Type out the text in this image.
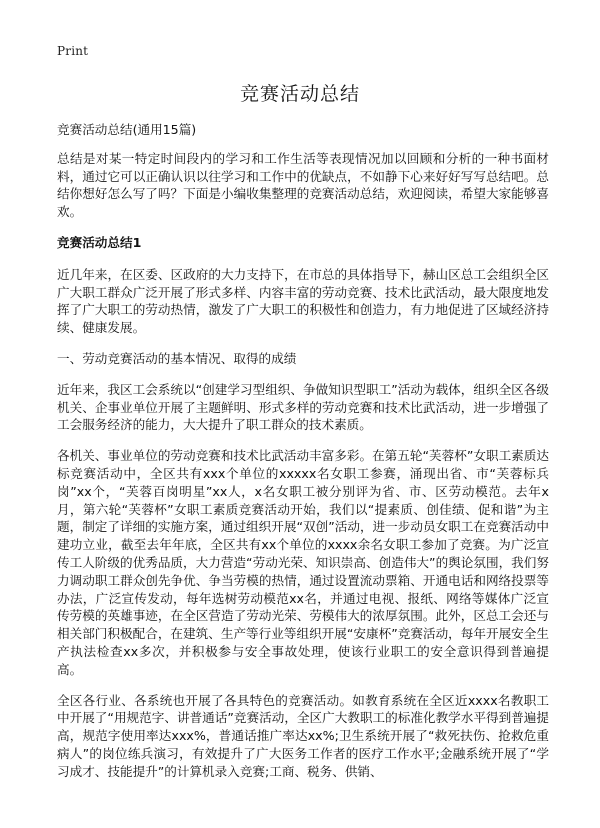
Print
竞赛活动总结

竞赛活动总结(通用15篇)

总结是对某一特定时间段内的学习和工作生活等表现情况加以回顾和分析的一种书面材料，通过它可以正确认识以往学习和工作中的优缺点，不如静下心来好好写写总结吧。总结你想好怎么写了吗？下面是小编收集整理的竞赛活动总结，欢迎阅读，希望大家能够喜欢。

竞赛活动总结1

近几年来，在区委、区政府的大力支持下，在市总的具体指导下，赫山区总工会组织全区广大职工群众广泛开展了形式多样、内容丰富的劳动竞赛、技术比武活动，最大限度地发挥了广大职工的劳动热情，激发了广大职工的积极性和创造力，有力地促进了区域经济持续、健康发展。

一、劳动竞赛活动的基本情况、取得的成绩

近年来，我区工会系统以“创建学习型组织、争做知识型职工”活动为载体，组织全区各级机关、企事业单位开展了主题鲜明、形式多样的劳动竞赛和技术比武活动，进一步增强了工会服务经济的能力，大大提升了职工群众的技术素质。

各机关、事业单位的劳动竞赛和技术比武活动丰富多彩。在第五轮“芙蓉杯”女职工素质达标竞赛活动中，全区共有xxx个单位的xxxxx名女职工参赛，涌现出省、市“芙蓉标兵岗”xx个，“芙蓉百岗明星”xx人，x名女职工被分别评为省、市、区劳动模范。去年x月，第六轮“芙蓉杯”女职工素质竞赛活动开始，我们以“提素质、创佳绩、促和谐”为主题，制定了详细的实施方案，通过组织开展“双创”活动，进一步动员女职工在竞赛活动中建功立业，截至去年年底，全区共有xx个单位的xxxx余名女职工参加了竞赛。为广泛宣传工人阶级的优秀品质，大力营造“劳动光荣、知识崇高、创造伟大”的舆论氛围，我们努力调动职工群众创先争优、争当劳模的热情，通过设置流动票箱、开通电话和网络投票等办法，广泛宣传发动，每年选树劳动模范xx名，并通过电视、报纸、网络等媒体广泛宣传劳模的英雄事迹，在全区营造了劳动光荣、劳模伟大的浓厚氛围。此外，区总工会还与相关部门积极配合，在建筑、生产等行业等组织开展“安康杯”竞赛活动，每年开展安全生产执法检查xx多次，并积极参与安全事故处理，使该行业职工的安全意识得到普遍提高。

全区各行业、各系统也开展了各具特色的竞赛活动。如教育系统在全区近xxxx名教职工中开展了“用规范字、讲普通话”竞赛活动，全区广大教职工的标准化教学水平得到普遍提高，规范字使用率达xxx%，普通话推广率达xx%;卫生系统开展了“救死扶伤、抢救危重病人”的岗位练兵演习，有效提升了广大医务工作者的医疗工作水平;金融系统开展了“学习成才、技能提升”的计算机录入竞赛;工商、税务、供销、
